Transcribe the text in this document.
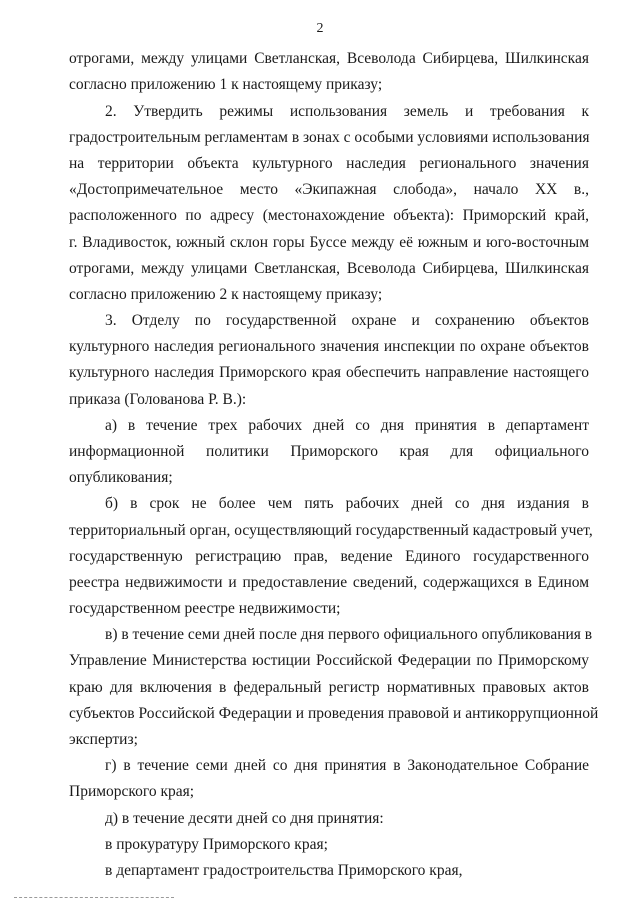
2
отрогами, между улицами Светланская, Всеволода Сибирцева, Шилкинская
согласно приложению 1 к настоящему приказу;
2. Утвердить режимы использования земель и требования к
градостроительным регламентам в зонах с особыми условиями использования
на территории объекта культурного наследия регионального значения
«Достопримечательное место «Экипажная слобода», начало XX в.,
расположенного по адресу (местонахождение объекта): Приморский край,
г. Владивосток, южный склон горы Буссе между её южным и юго-восточным
отрогами, между улицами Светланская, Всеволода Сибирцева, Шилкинская
согласно приложению 2 к настоящему приказу;
3. Отделу по государственной охране и сохранению объектов
культурного наследия регионального значения инспекции по охране объектов
культурного наследия Приморского края обеспечить направление настоящего
приказа (Голованова Р. В.):
а) в течение трех рабочих дней со дня принятия в департамент
информационной политики Приморского края для официального
опубликования;
б) в срок не более чем пять рабочих дней со дня издания в
территориальный орган, осуществляющий государственный кадастровый учет,
государственную регистрацию прав, ведение Единого государственного
реестра недвижимости и предоставление сведений, содержащихся в Едином
государственном реестре недвижимости;
в) в течение семи дней после дня первого официального опубликования в
Управление Министерства юстиции Российской Федерации по Приморскому
краю для включения в федеральный регистр нормативных правовых актов
субъектов Российской Федерации и проведения правовой и антикоррупционной
экспертиз;
г) в течение семи дней со дня принятия в Законодательное Собрание
Приморского края;
д) в течение десяти дней со дня принятия:
в прокуратуру Приморского края;
в департамент градостроительства Приморского края,
